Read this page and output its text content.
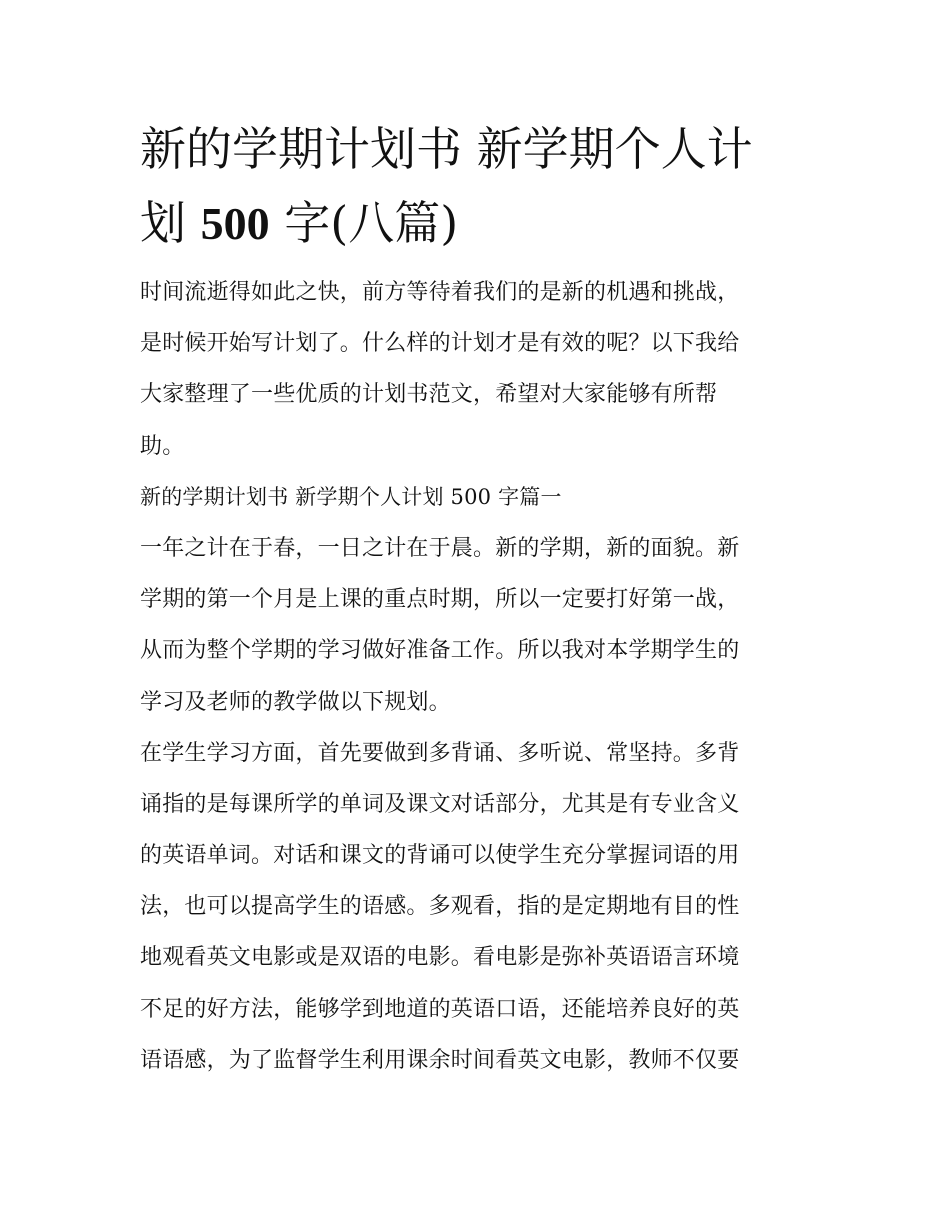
新的学期计划书 新学期个人计
划 500 字(八篇)
时间流逝得如此之快，前方等待着我们的是新的机遇和挑战，
是时候开始写计划了。什么样的计划才是有效的呢？以下我给
大家整理了一些优质的计划书范文，希望对大家能够有所帮
助。
新的学期计划书 新学期个人计划 500 字篇一
一年之计在于春，一日之计在于晨。新的学期，新的面貌。新
学期的第一个月是上课的重点时期，所以一定要打好第一战，
从而为整个学期的学习做好准备工作。所以我对本学期学生的
学习及老师的教学做以下规划。
在学生学习方面，首先要做到多背诵、多听说、常坚持。多背
诵指的是每课所学的单词及课文对话部分，尤其是有专业含义
的英语单词。对话和课文的背诵可以使学生充分掌握词语的用
法，也可以提高学生的语感。多观看，指的是定期地有目的性
地观看英文电影或是双语的电影。看电影是弥补英语语言环境
不足的好方法，能够学到地道的英语口语，还能培养良好的英
语语感，为了监督学生利用课余时间看英文电影，教师不仅要
